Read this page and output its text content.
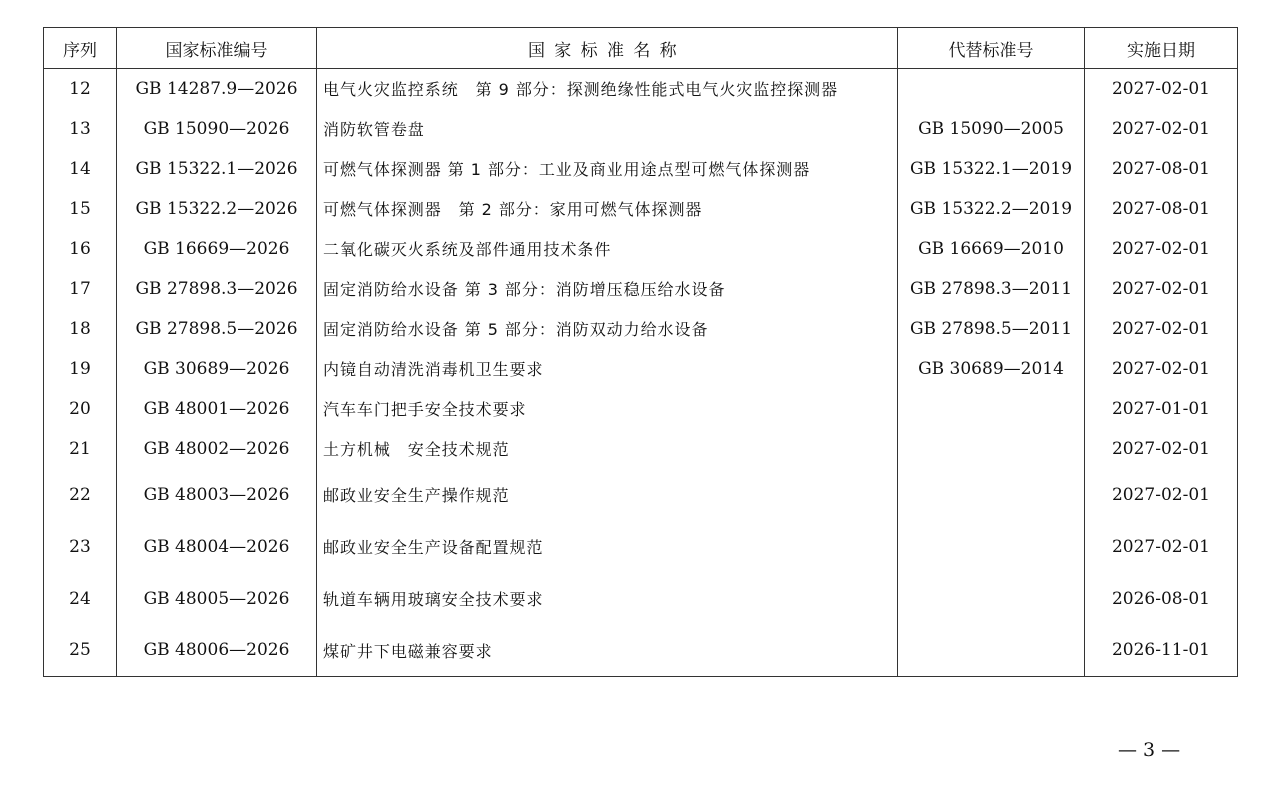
序列	国家标准编号	国家标准名称	代替标准号	实施日期
12	GB 14287.9—2026	电气火灾监控系统　第 9 部分：探测绝缘性能式电气火灾监控探测器		2027-02-01
13	GB 15090—2026	消防软管卷盘	GB 15090—2005	2027-02-01
14	GB 15322.1—2026	可燃气体探测器 第 1 部分：工业及商业用途点型可燃气体探测器	GB 15322.1—2019	2027-08-01
15	GB 15322.2—2026	可燃气体探测器　第 2 部分：家用可燃气体探测器	GB 15322.2—2019	2027-08-01
16	GB 16669—2026	二氧化碳灭火系统及部件通用技术条件	GB 16669—2010	2027-02-01
17	GB 27898.3—2026	固定消防给水设备 第 3 部分：消防增压稳压给水设备	GB 27898.3—2011	2027-02-01
18	GB 27898.5—2026	固定消防给水设备 第 5 部分：消防双动力给水设备	GB 27898.5—2011	2027-02-01
19	GB 30689—2026	内镜自动清洗消毒机卫生要求	GB 30689—2014	2027-02-01
20	GB 48001—2026	汽车车门把手安全技术要求		2027-01-01
21	GB 48002—2026	土方机械　安全技术规范		2027-02-01
22	GB 48003—2026	邮政业安全生产操作规范		2027-02-01
23	GB 48004—2026	邮政业安全生产设备配置规范		2027-02-01
24	GB 48005—2026	轨道车辆用玻璃安全技术要求		2026-08-01
25	GB 48006—2026	煤矿井下电磁兼容要求		2026-11-01
— 3 —
